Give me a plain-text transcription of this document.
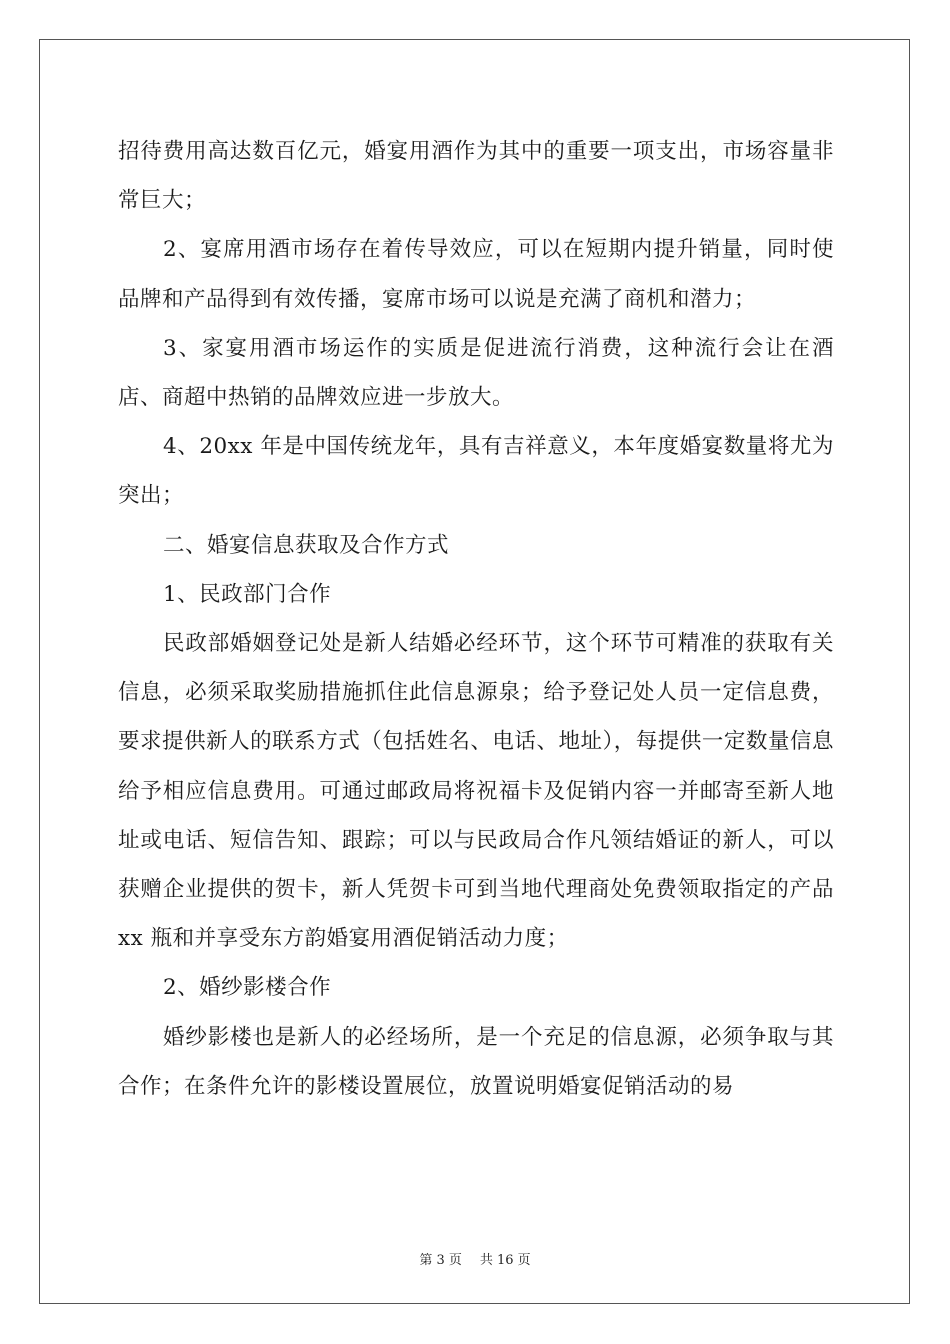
招待费用高达数百亿元，婚宴用酒作为其中的重要一项支出，市场容量非常巨大；

2、宴席用酒市场存在着传导效应，可以在短期内提升销量，同时使品牌和产品得到有效传播，宴席市场可以说是充满了商机和潜力；

3、家宴用酒市场运作的实质是促进流行消费，这种流行会让在酒店、商超中热销的品牌效应进一步放大。

4、20xx 年是中国传统龙年，具有吉祥意义，本年度婚宴数量将尤为突出；

二、婚宴信息获取及合作方式

1、民政部门合作

民政部婚姻登记处是新人结婚必经环节，这个环节可精准的获取有关信息，必须采取奖励措施抓住此信息源泉；给予登记处人员一定信息费，要求提供新人的联系方式（包括姓名、电话、地址），每提供一定数量信息给予相应信息费用。可通过邮政局将祝福卡及促销内容一并邮寄至新人地址或电话、短信告知、跟踪；可以与民政局合作凡领结婚证的新人，可以获赠企业提供的贺卡，新人凭贺卡可到当地代理商处免费领取指定的产品 xx 瓶和并享受东方韵婚宴用酒促销活动力度；

2、婚纱影楼合作

婚纱影楼也是新人的必经场所，是一个充足的信息源，必须争取与其合作；在条件允许的影楼设置展位，放置说明婚宴促销活动的易

第 3 页 共 16 页
